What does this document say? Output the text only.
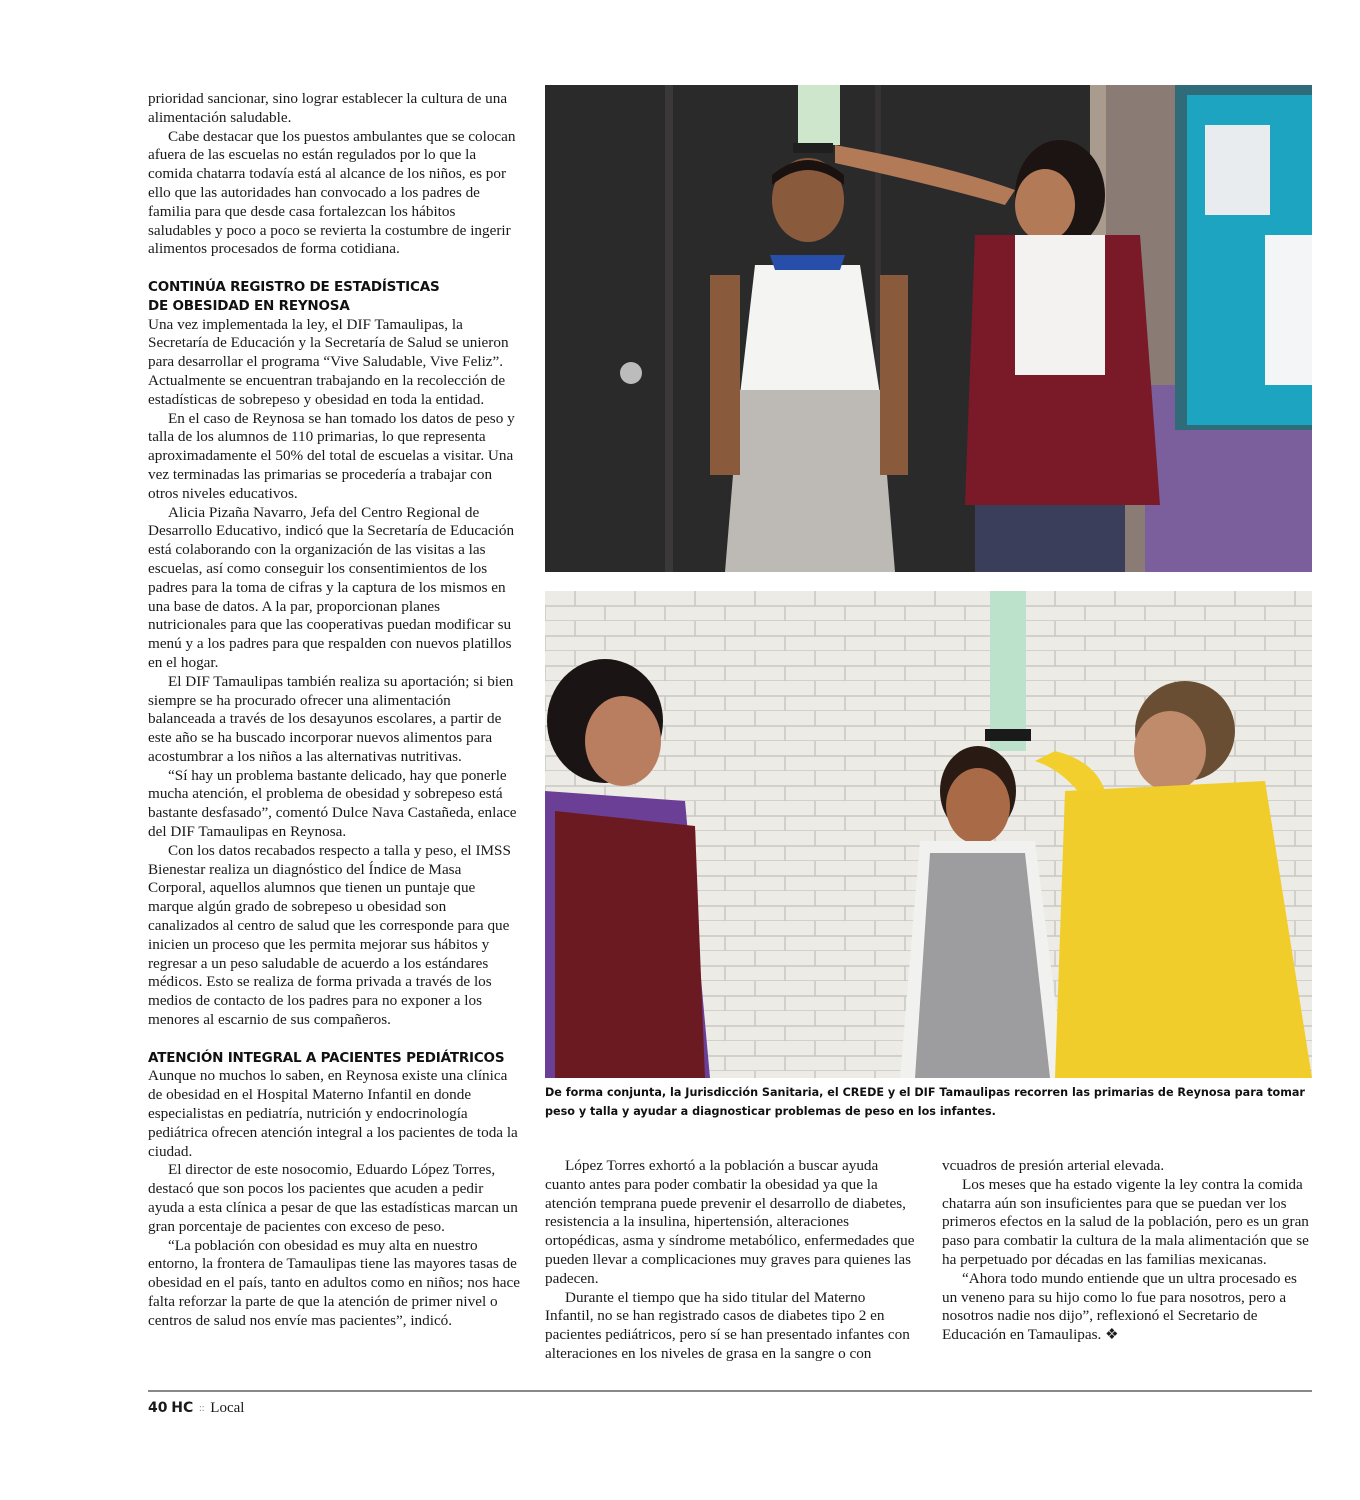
prioridad sancionar, sino lograr establecer la cultura de una alimentación saludable.

Cabe destacar que los puestos ambulantes que se colocan afuera de las escuelas no están regulados por lo que la comida chatarra todavía está al alcance de los niños, es por ello que las autoridades han convocado a los padres de familia para que desde casa fortalezcan los hábitos saludables y poco a poco se revierta la costumbre de ingerir alimentos procesados de forma cotidiana.

CONTINÚA REGISTRO DE ESTADÍSTICAS
DE OBESIDAD EN REYNOSA

Una vez implementada la ley, el DIF Tamaulipas, la Secretaría de Educación y la Secretaría de Salud se unieron para desarrollar el programa “Vive Saludable, Vive Feliz”. Actualmente se encuentran trabajando en la recolección de estadísticas de sobrepeso y obesidad en toda la entidad.

En el caso de Reynosa se han tomado los datos de peso y talla de los alumnos de 110 primarias, lo que representa aproximadamente el 50% del total de escuelas a visitar. Una vez terminadas las primarias se procedería a trabajar con otros niveles educativos.

Alicia Pizaña Navarro, Jefa del Centro Regional de Desarrollo Educativo, indicó que la Secretaría de Educación está colaborando con la organización de las visitas a las escuelas, así como conseguir los consentimientos de los padres para la toma de cifras y la captura de los mismos en una base de datos. A la par, proporcionan planes nutricionales para que las cooperativas puedan modificar su menú y a los padres para que respalden con nuevos platillos en el hogar.

El DIF Tamaulipas también realiza su aportación; si bien siempre se ha procurado ofrecer una alimentación balanceada a través de los desayunos escolares, a partir de este año se ha buscado incorporar nuevos alimentos para acostumbrar a los niños a las alternativas nutritivas.

“Sí hay un problema bastante delicado, hay que ponerle mucha atención, el problema de obesidad y sobrepeso está bastante desfasado”, comentó Dulce Nava Castañeda, enlace del DIF Tamaulipas en Reynosa.

Con los datos recabados respecto a talla y peso, el IMSS Bienestar realiza un diagnóstico del Índice de Masa Corporal, aquellos alumnos que tienen un puntaje que marque algún grado de sobrepeso u obesidad son canalizados al centro de salud que les corresponde para que inicien un proceso que les permita mejorar sus hábitos y regresar a un peso saludable de acuerdo a los estándares médicos. Esto se realiza de forma privada a través de los medios de contacto de los padres para no exponer a los menores al escarnio de sus compañeros.

ATENCIÓN INTEGRAL A PACIENTES PEDIÁTRICOS

Aunque no muchos lo saben, en Reynosa existe una clínica de obesidad en el Hospital Materno Infantil en donde especialistas en pediatría, nutrición y endocrinología pediátrica ofrecen atención integral a los pacientes de toda la ciudad.

El director de este nosocomio, Eduardo López Torres, destacó que son pocos los pacientes que acuden a pedir ayuda a esta clínica a pesar de que las estadísticas marcan un gran porcentaje de pacientes con exceso de peso.

“La población con obesidad es muy alta en nuestro entorno, la frontera de Tamaulipas tiene las mayores tasas de obesidad en el país, tanto en adultos como en niños; nos hace falta reforzar la parte de que la atención de primer nivel o centros de salud nos envíe mas pacientes”, indicó.

De forma conjunta, la Jurisdicción Sanitaria, el CREDE y el DIF Tamaulipas recorren las primarias de Reynosa para tomar peso y talla y ayudar a diagnosticar problemas de peso en los infantes.

López Torres exhortó a la población a buscar ayuda cuanto antes para poder combatir la obesidad ya que la atención temprana puede prevenir el desarrollo de diabetes, resistencia a la insulina, hipertensión, alteraciones ortopédicas, asma y síndrome metabólico, enfermedades que pueden llevar a complicaciones muy graves para quienes las padecen.

Durante el tiempo que ha sido titular del Materno Infantil, no se han registrado casos de diabetes tipo 2 en pacientes pediátricos, pero sí se han presentado infantes con alteraciones en los niveles de grasa en la sangre o con

vcuadros de presión arterial elevada.

Los meses que ha estado vigente la ley contra la comida chatarra aún son insuficientes para que se puedan ver los primeros efectos en la salud de la población, pero es un gran paso para combatir la cultura de la mala alimentación que se ha perpetuado por décadas en las familias mexicanas.

“Ahora todo mundo entiende que un ultra procesado es un veneno para su hijo como lo fue para nosotros, pero a nosotros nadie nos dijo”, reflexionó el Secretario de Educación en Tamaulipas. ❖

40 HC :: Local
